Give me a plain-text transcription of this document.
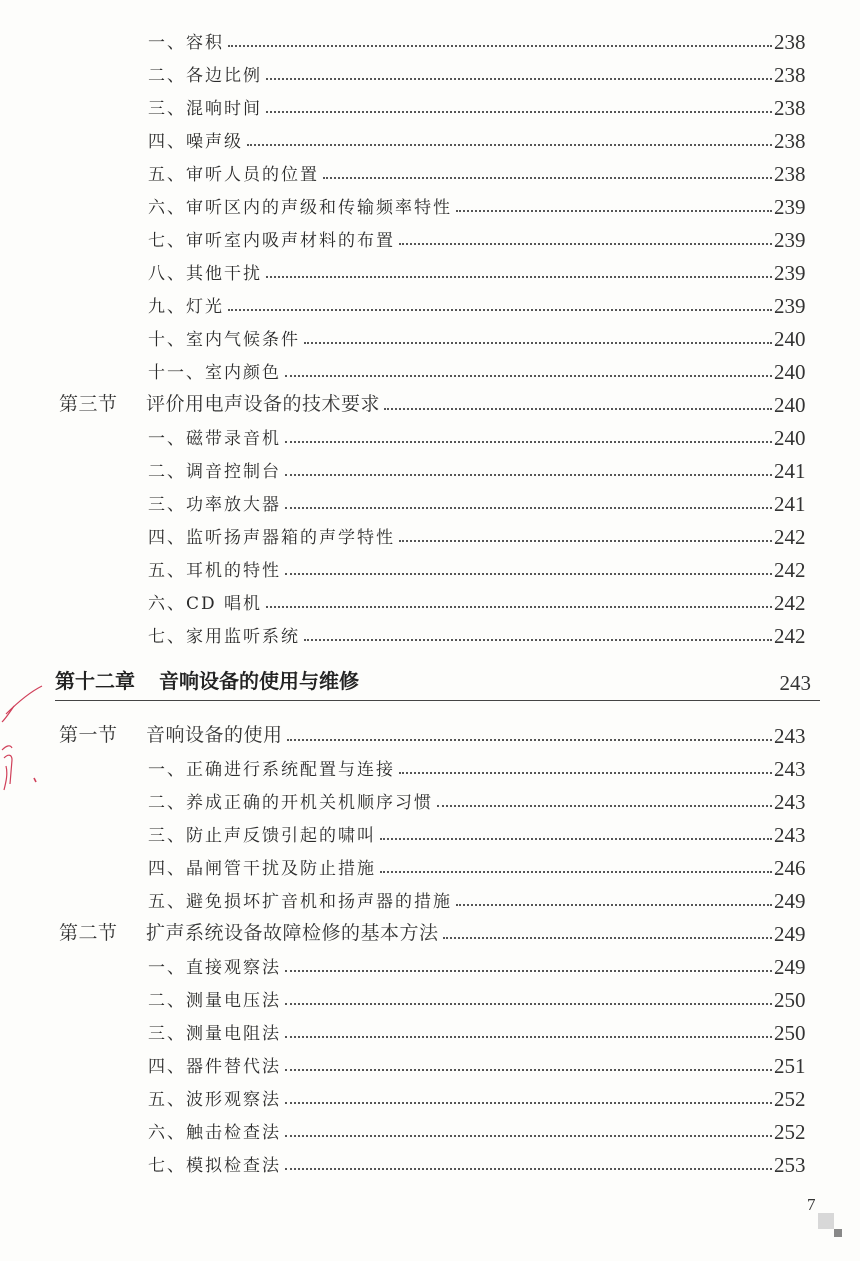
一、容积	238
二、各边比例	238
三、混响时间	238
四、噪声级	238
五、审听人员的位置	238
六、审听区内的声级和传输频率特性	239
七、审听室内吸声材料的布置	239
八、其他干扰	239
九、灯光	239
十、室内气候条件	240
十一、室内颜色	240
第三节 评价用电声设备的技术要求	240
一、磁带录音机	240
二、调音控制台	241
三、功率放大器	241
四、监听扬声器箱的声学特性	242
五、耳机的特性	242
六、CD 唱机	242
七、家用监听系统	242
第十二章 音响设备的使用与维修	243
第一节 音响设备的使用	243
一、正确进行系统配置与连接	243
二、养成正确的开机关机顺序习惯	243
三、防止声反馈引起的啸叫	243
四、晶闸管干扰及防止措施	246
五、避免损坏扩音机和扬声器的措施	249
第二节 扩声系统设备故障检修的基本方法	249
一、直接观察法	249
二、测量电压法	250
三、测量电阻法	250
四、器件替代法	251
五、波形观察法	252
六、触击检查法	252
七、模拟检查法	253
7
